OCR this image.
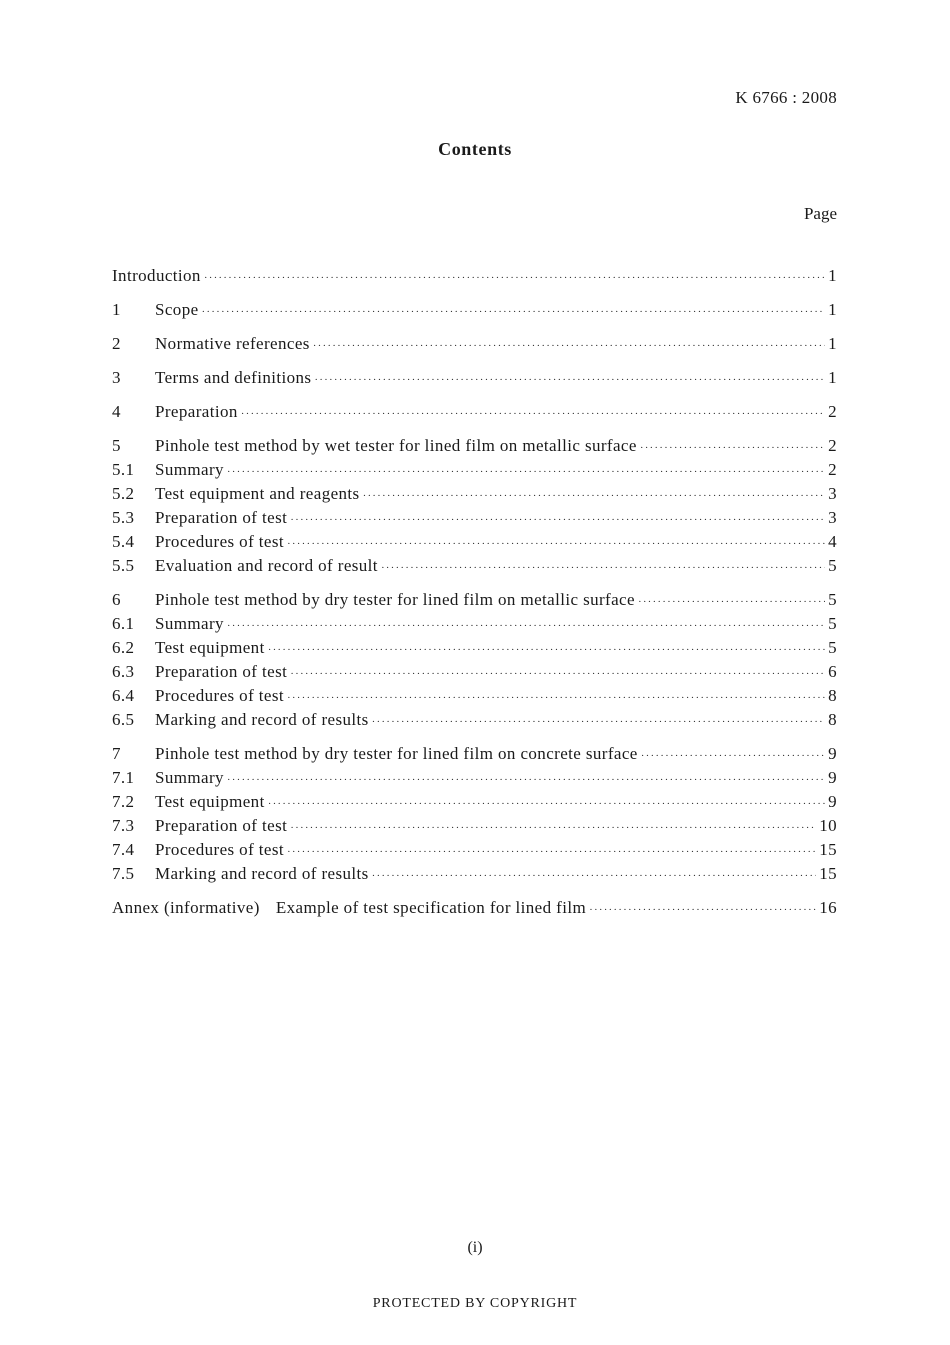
K 6766 : 2008
Contents
Page
Introduction ·····	1
1	Scope ·····	1
2	Normative references ·····	1
3	Terms and definitions ·····	1
4	Preparation ·····	2
5	Pinhole test method by wet tester for lined film on metallic surface ·····	2
5.1	Summary ·····	2
5.2	Test equipment and reagents ·····	3
5.3	Preparation of test ·····	3
5.4	Procedures of test ·····	4
5.5	Evaluation and record of result ·····	5
6	Pinhole test method by dry tester for lined film on metallic surface ·····	5
6.1	Summary ·····	5
6.2	Test equipment ·····	5
6.3	Preparation of test ·····	6
6.4	Procedures of test ·····	8
6.5	Marking and record of results ·····	8
7	Pinhole test method by dry tester for lined film on concrete surface ·····	9
7.1	Summary ·····	9
7.2	Test equipment ·····	9
7.3	Preparation of test ·····	10
7.4	Procedures of test ·····	15
7.5	Marking and record of results ·····	15
Annex (informative) Example of test specification for lined film ·····	16
(i)
PROTECTED BY COPYRIGHT
